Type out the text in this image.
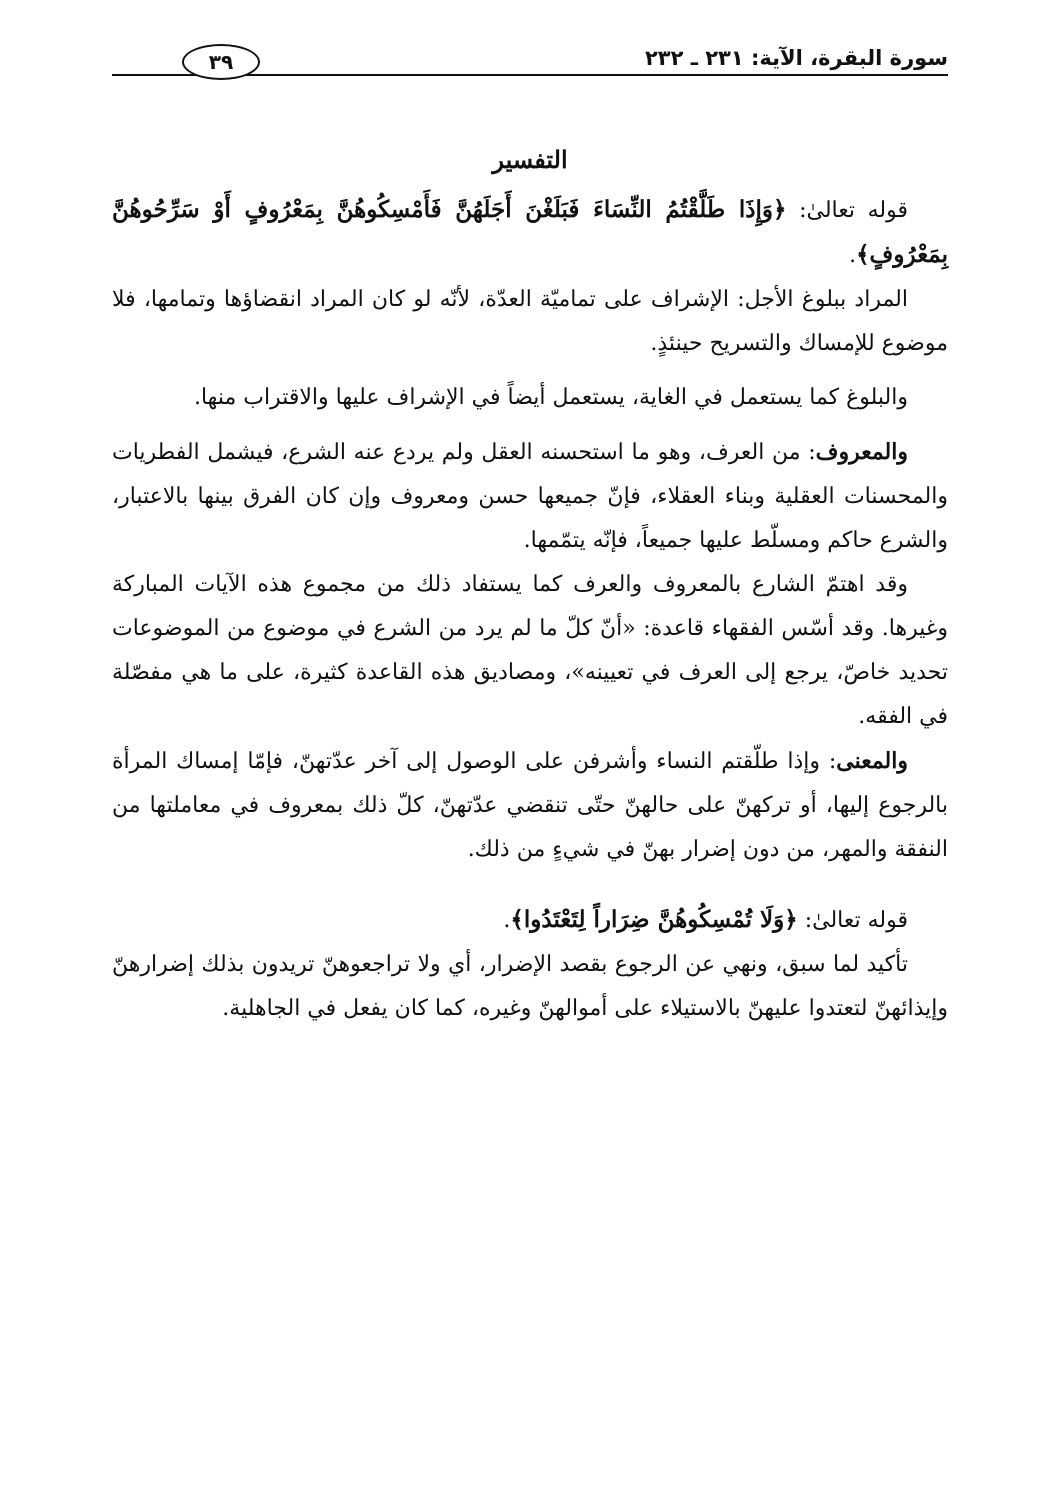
سورة البقرة، الآية: ٢٣١ ـ ٢٣٢
٣٩
التفسير

قوله تعالىٰ: ﴿وَإِذَا طَلَّقْتُمُ النِّسَاءَ فَبَلَغْنَ أَجَلَهُنَّ فَأَمْسِكُوهُنَّ بِمَعْرُوفٍ أَوْ سَرِّحُوهُنَّ بِمَعْرُوفٍ﴾.

المراد ببلوغ الأجل: الإشراف على تماميّة العدّة، لأنّه لو كان المراد انقضاؤها وتمامها، فلا موضوع للإمساك والتسريح حينئذٍ.

والبلوغ كما يستعمل في الغاية، يستعمل أيضاً في الإشراف عليها والاقتراب منها.

والمعروف: من العرف، وهو ما استحسنه العقل ولم يردع عنه الشرع، فيشمل الفطريات والمحسنات العقلية وبناء العقلاء، فإنّ جميعها حسن ومعروف وإن كان الفرق بينها بالاعتبار، والشرع حاكم ومسلّط عليها جميعاً، فإنّه يتمّمها.

وقد اهتمّ الشارع بالمعروف والعرف كما يستفاد ذلك من مجموع هذه الآيات المباركة وغيرها. وقد أسّس الفقهاء قاعدة: «أنّ كلّ ما لم يرد من الشرع في موضوع من الموضوعات تحديد خاصّ، يرجع إلى العرف في تعيينه»، ومصاديق هذه القاعدة كثيرة، على ما هي مفصّلة في الفقه.

والمعنى: وإذا طلّقتم النساء وأشرفن على الوصول إلى آخر عدّتهنّ، فإمّا إمساك المرأة بالرجوع إليها، أو تركهنّ على حالهنّ حتّى تنقضي عدّتهنّ، كلّ ذلك بمعروف في معاملتها من النفقة والمهر، من دون إضرار بهنّ في شيءٍ من ذلك.

قوله تعالىٰ: ﴿وَلَا تُمْسِكُوهُنَّ ضِرَاراً لِتَعْتَدُوا﴾.

تأكيد لما سبق، ونهي عن الرجوع بقصد الإضرار، أي ولا تراجعوهنّ تريدون بذلك إضرارهنّ وإيذائهنّ لتعتدوا عليهنّ بالاستيلاء على أموالهنّ وغيره، كما كان يفعل في الجاهلية.
